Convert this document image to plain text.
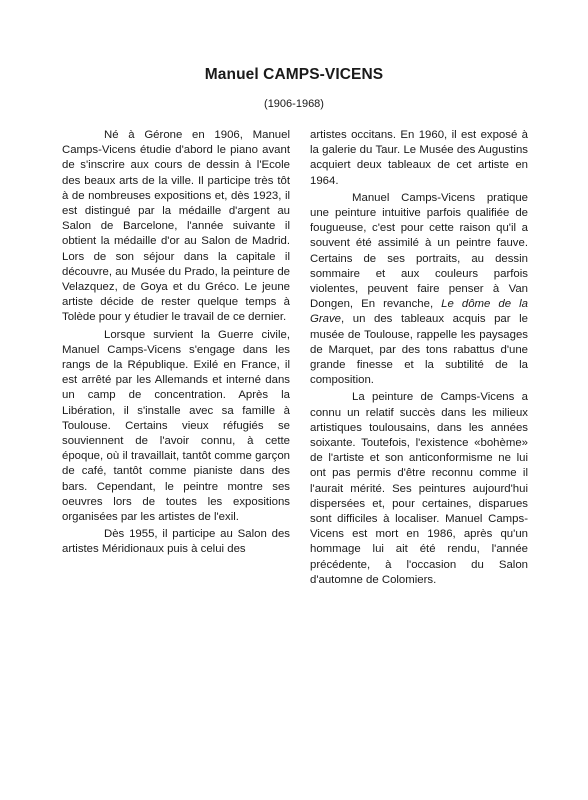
Manuel CAMPS-VICENS
(1906-1968)

Né à Gérone en 1906, Manuel Camps-Vicens étudie d'abord le piano avant de s'inscrire aux cours de dessin à l'Ecole des beaux arts de la ville. Il participe très tôt à de nombreuses expositions et, dès 1923, il est distingué par la médaille d'argent au Salon de Barcelone, l'année suivante il obtient la médaille d'or au Salon de Madrid. Lors de son séjour dans la capitale il découvre, au Musée du Prado, la peinture de Velazquez, de Goya et du Gréco. Le jeune artiste décide de rester quelque temps à Tolède pour y étudier le travail de ce dernier.

Lorsque survient la Guerre civile, Manuel Camps-Vicens s'engage dans les rangs de la République. Exilé en France, il est arrêté par les Allemands et interné dans un camp de concentration. Après la Libération, il s'installe avec sa famille à Toulouse. Certains vieux réfugiés se souviennent de l'avoir connu, à cette époque, où il travaillait, tantôt comme garçon de café, tantôt comme pianiste dans des bars. Cependant, le peintre montre ses oeuvres lors de toutes les expositions organisées par les artistes de l'exil.

Dès 1955, il participe au Salon des artistes Méridionaux puis à celui des

artistes occitans. En 1960, il est exposé à la galerie du Taur. Le Musée des Augustins acquiert deux tableaux de cet artiste en 1964.

Manuel Camps-Vicens pratique une peinture intuitive parfois qualifiée de fougueuse, c'est pour cette raison qu'il a souvent été assimilé à un peintre fauve. Certains de ses portraits, au dessin sommaire et aux couleurs parfois violentes, peuvent faire penser à Van Dongen, En revanche, Le dôme de la Grave, un des tableaux acquis par le musée de Toulouse, rappelle les paysages de Marquet, par des tons rabattus d'une grande finesse et la subtilité de la composition.

La peinture de Camps-Vicens a connu un relatif succès dans les milieux artistiques toulousains, dans les années soixante. Toutefois, l'existence «bohème» de l'artiste et son anticonformisme ne lui ont pas permis d'être reconnu comme il l'aurait mérité. Ses peintures aujourd'hui dispersées et, pour certaines, disparues sont difficiles à localiser. Manuel Camps-Vicens est mort en 1986, après qu'un hommage lui ait été rendu, l'année précédente, à l'occasion du Salon d'automne de Colomiers.
